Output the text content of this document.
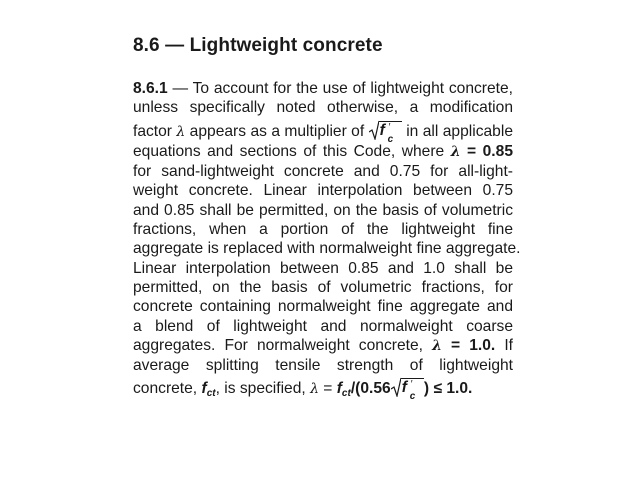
8.6 — Lightweight concrete
8.6.1 — To account for the use of lightweight concrete,
unless specifically noted otherwise, a modification
factor λ appears as a multiplier of f ′
c in all applicable
equations and sections of this Code, where λ = 0.85
for sand-lightweight concrete and 0.75 for all-light-
weight concrete. Linear interpolation between 0.75
and 0.85 shall be permitted, on the basis of volumetric
fractions, when a portion of the lightweight fine
aggregate is replaced with normalweight fine aggregate.
Linear interpolation between 0.85 and 1.0 shall be
permitted, on the basis of volumetric fractions, for
concrete containing normalweight fine aggregate and
a blend of lightweight and normalweight coarse
aggregates. For normalweight concrete, λ = 1.0. If
average splitting tensile strength of lightweight
concrete, $f_{ct}$, is specified, $\lambda = f_{ct}/(0.56$ f ′
c ) ≤ 1.0.
